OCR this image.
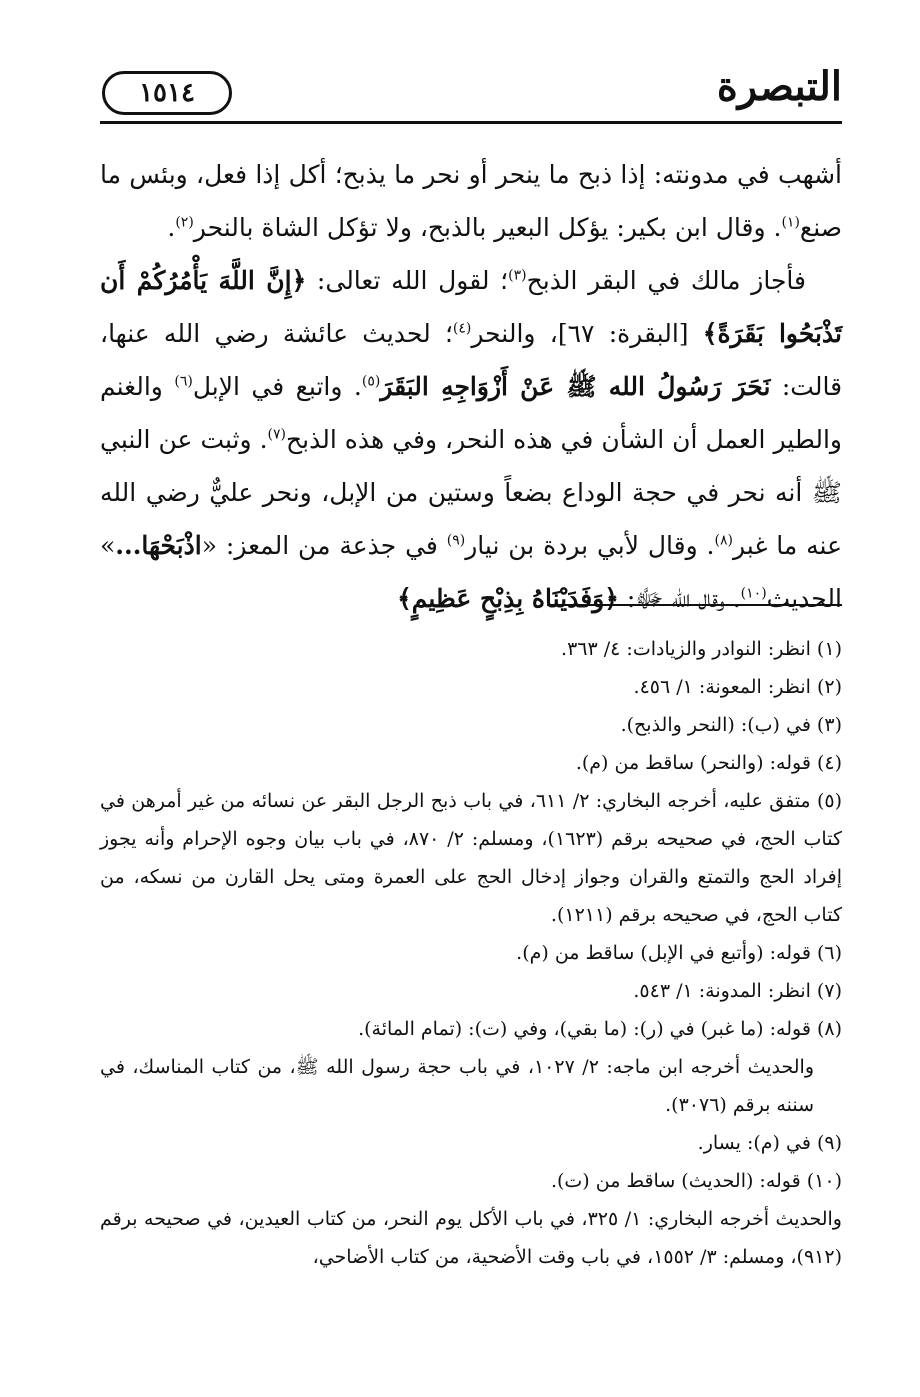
التبصرة
١٥١٤

أشهب في مدونته: إذا ذبح ما ينحر أو نحر ما يذبح؛ أكل إذا فعل، وبئس ما صنع$^{(١)}$. وقال ابن بكير: يؤكل البعير بالذبح، ولا تؤكل الشاة بالنحر$^{(٢)}$.

فأجاز مالك في البقر الذبح$^{(٣)}$؛ لقول الله تعالى: ﴿إِنَّ اللَّهَ يَأْمُرُكُمْ أَن تَذْبَحُوا بَقَرَةً﴾ [البقرة: ٦٧]، والنحر$^{(٤)}$؛ لحديث عائشة رضي الله عنها، قالت: نَحَرَ رَسُولُ الله ﷺ عَنْ أَزْوَاجِهِ البَقَرَ$^{(٥)}$. واتبع في الإبل$^{(٦)}$ والغنم والطير العمل أن الشأن في هذه النحر، وفي هذه الذبح$^{(٧)}$. وثبت عن النبي ﷺ أنه نحر في حجة الوداع بضعاً وستين من الإبل، ونحر عليٌّ رضي الله عنه ما غبر$^{(٨)}$. وقال لأبي بردة بن نيار$^{(٩)}$ في جذعة من المعز: «اذْبَحْهَا...» الحديث$^{(١٠)}$. وقال الله ﷻ: ﴿وَفَدَيْنَاهُ بِذِبْحٍ عَظِيمٍ﴾

(١) انظر: النوادر والزيادات: ٤/ ٣٦٣.

(٢) انظر: المعونة: ١/ ٤٥٦.

(٣) في (ب): (النحر والذبح).

(٤) قوله: (والنحر) ساقط من (م).

(٥) متفق عليه، أخرجه البخاري: ٢/ ٦١١، في باب ذبح الرجل البقر عن نسائه من غير أمرهن في كتاب الحج، في صحيحه برقم (١٦٢٣)، ومسلم: ٢/ ٨٧٠، في باب بيان وجوه الإحرام وأنه يجوز إفراد الحج والتمتع والقران وجواز إدخال الحج على العمرة ومتى يحل القارن من نسكه، من كتاب الحج، في صحيحه برقم (١٢١١).

(٦) قوله: (وأتبع في الإبل) ساقط من (م).

(٧) انظر: المدونة: ١/ ٥٤٣.

(٨) قوله: (ما غبر) في (ر): (ما بقي)، وفي (ت): (تمام المائة).

والحديث أخرجه ابن ماجه: ٢/ ١٠٢٧، في باب حجة رسول الله ﷺ، من كتاب المناسك، في سننه برقم (٣٠٧٦).

(٩) في (م): يسار.

(١٠) قوله: (الحديث) ساقط من (ت).

والحديث أخرجه البخاري: ١/ ٣٢٥، في باب الأكل يوم النحر، من كتاب العيدين، في صحيحه برقم (٩١٢)، ومسلم: ٣/ ١٥٥٢، في باب وقت الأضحية، من كتاب الأضاحي،
